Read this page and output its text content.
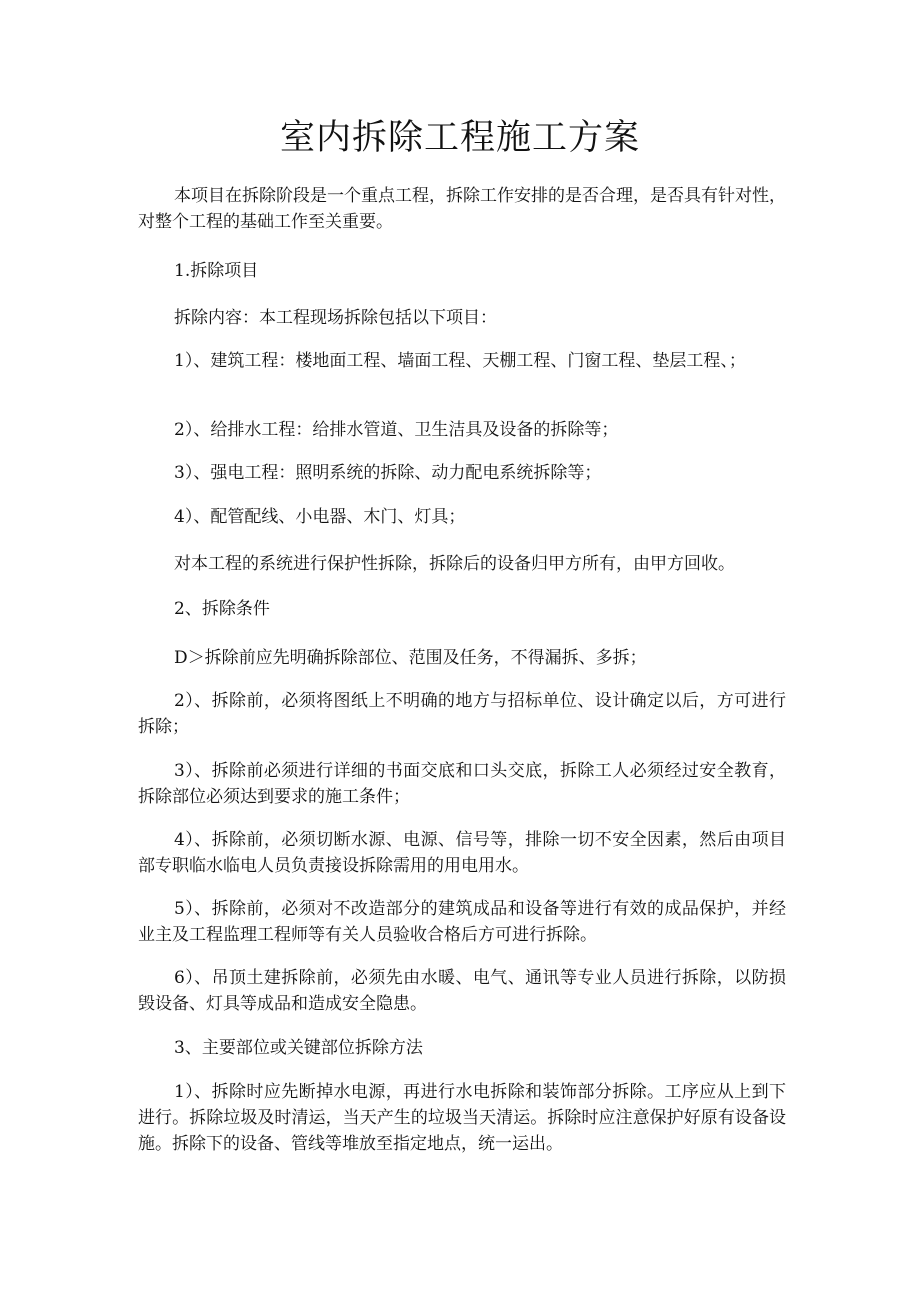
室内拆除工程施工方案

本项目在拆除阶段是一个重点工程，拆除工作安排的是否合理，是否具有针对性，对整个工程的基础工作至关重要。

1.拆除项目

拆除内容：本工程现场拆除包括以下项目：

1）、建筑工程：楼地面工程、墙面工程、天棚工程、门窗工程、垫层工程、；

2）、给排水工程：给排水管道、卫生洁具及设备的拆除等；

3）、强电工程：照明系统的拆除、动力配电系统拆除等；

4）、配管配线、小电器、木门、灯具；

对本工程的系统进行保护性拆除，拆除后的设备归甲方所有，由甲方回收。

2、拆除条件

D＞拆除前应先明确拆除部位、范围及任务，不得漏拆、多拆；

2）、拆除前，必须将图纸上不明确的地方与招标单位、设计确定以后，方可进行拆除；

3）、拆除前必须进行详细的书面交底和口头交底，拆除工人必须经过安全教育，拆除部位必须达到要求的施工条件；

4）、拆除前，必须切断水源、电源、信号等，排除一切不安全因素，然后由项目部专职临水临电人员负责接设拆除需用的用电用水。

5）、拆除前，必须对不改造部分的建筑成品和设备等进行有效的成品保护，并经业主及工程监理工程师等有关人员验收合格后方可进行拆除。

6）、吊顶土建拆除前，必须先由水暖、电气、通讯等专业人员进行拆除，以防损毁设备、灯具等成品和造成安全隐患。

3、主要部位或关键部位拆除方法

1）、拆除时应先断掉水电源，再进行水电拆除和装饰部分拆除。工序应从上到下进行。拆除垃圾及时清运，当天产生的垃圾当天清运。拆除时应注意保护好原有设备设施。拆除下的设备、管线等堆放至指定地点，统一运出。
